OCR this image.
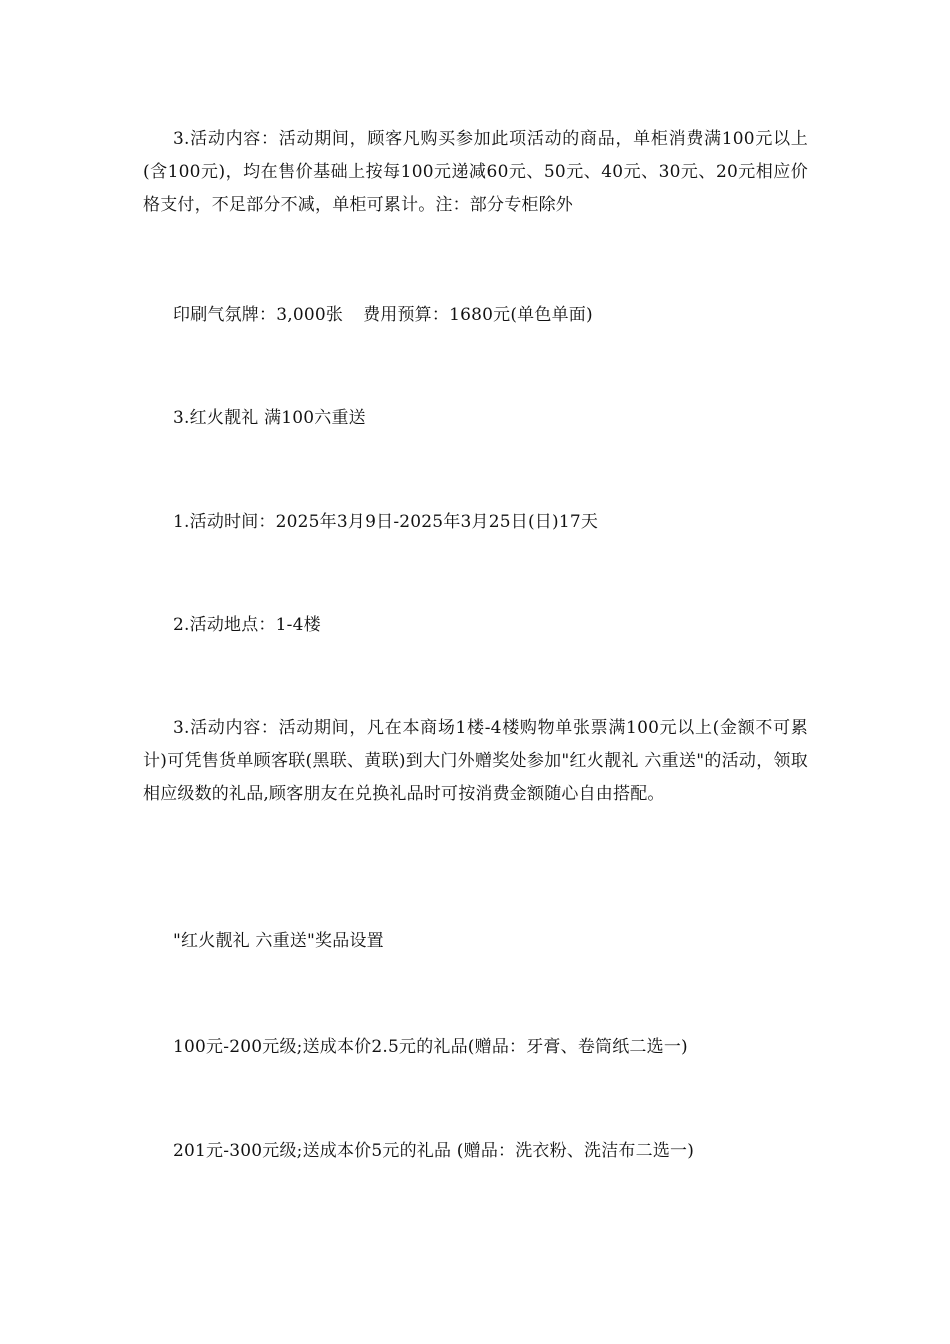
3.活动内容：活动期间，顾客凡购买参加此项活动的商品，单柜消费满100元以上(含100元)，均在售价基础上按每100元递减60元、50元、40元、30元、20元相应价格支付，不足部分不减，单柜可累计。注：部分专柜除外

印刷气氛牌：3,000张 费用预算：1680元(单色单面)

3.红火靓礼 满100六重送

1.活动时间：2025年3月9日-2025年3月25日(日)17天

2.活动地点：1-4楼

3.活动内容：活动期间，凡在本商场1楼-4楼购物单张票满100元以上(金额不可累计)可凭售货单顾客联(黑联、黄联)到大门外赠奖处参加"红火靓礼 六重送"的活动，领取相应级数的礼品,顾客朋友在兑换礼品时可按消费金额随心自由搭配。

"红火靓礼 六重送"奖品设置

100元-200元级;送成本价2.5元的礼品(赠品：牙膏、卷筒纸二选一)

201元-300元级;送成本价5元的礼品 (赠品：洗衣粉、洗洁布二选一)
